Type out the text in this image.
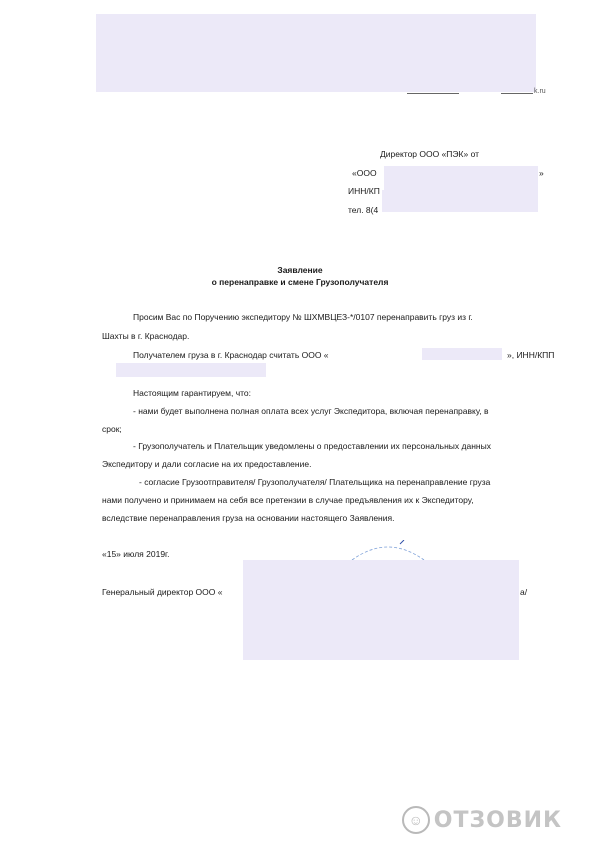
k.ru
Директор ООО «ПЭК» от
«ООО	»
ИНН/КП
тел. 8(4
Заявление
о перенаправке и смене Грузополучателя
Просим Вас по Поручению экспедитору № ШХМВЦЕЗ-*/0107 перенаправить груз из г.
Шахты в г. Краснодар.
Получателем груза в г. Краснодар считать ООО «	», ИНН/КПП
Настоящим гарантируем, что:
- нами будет выполнена полная оплата всех услуг Экспедитора, включая перенаправку, в
срок;
- Грузополучатель и Плательщик уведомлены о предоставлении их персональных данных
Экспедитору и дали согласие на их предоставление.
- согласие Грузоотправителя/ Грузополучателя/ Плательщика на перенаправление груза
нами получено и принимаем на себя все претензии в случае предъявления их к Экспедитору,
вследствие перенаправления груза на основании настоящего Заявления.
«15» июля 2019г.
Генеральный директор ООО «	а/
☺ ОТЗОВИК
